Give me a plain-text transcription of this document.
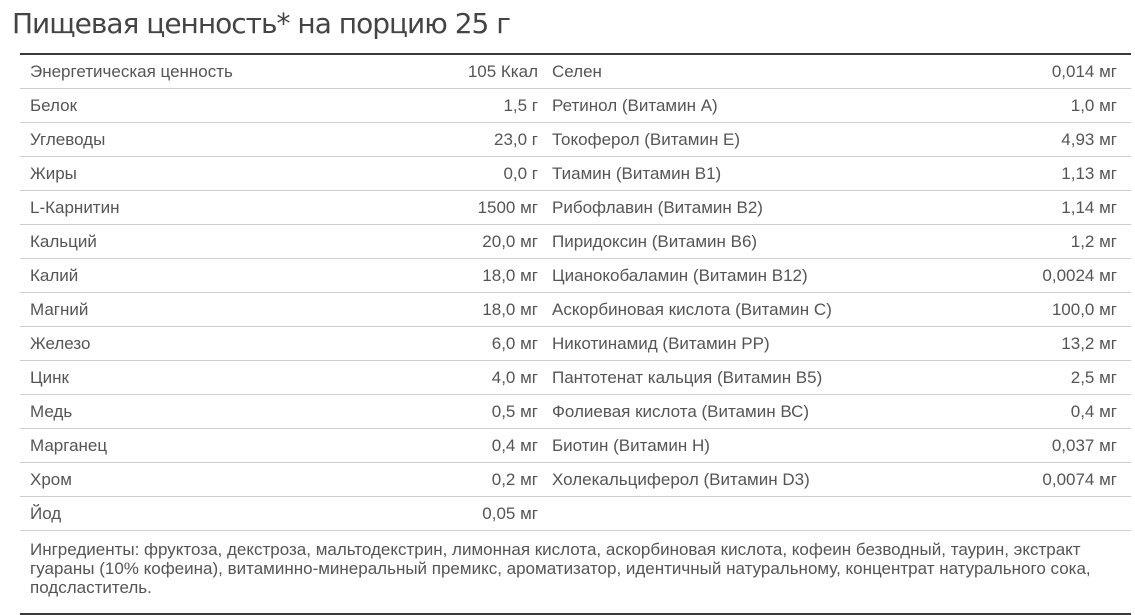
Пищевая ценность* на порцию 25 г
Энергетическая ценность	105 Ккал	Селен	0,014 мг
Белок	1,5 г	Ретинол (Витамин А)	1,0 мг
Углеводы	23,0 г	Токоферол (Витамин Е)	4,93 мг
Жиры	0,0 г	Тиамин (Витамин В1)	1,13 мг
L-Карнитин	1500 мг	Рибофлавин (Витамин В2)	1,14 мг
Кальций	20,0 мг	Пиридоксин (Витамин В6)	1,2 мг
Калий	18,0 мг	Цианокобаламин (Витамин В12)	0,0024 мг
Магний	18,0 мг	Аскорбиновая кислота (Витамин С)	100,0 мг
Железо	6,0 мг	Никотинамид (Витамин РР)	13,2 мг
Цинк	4,0 мг	Пантотенат кальция (Витамин В5)	2,5 мг
Медь	0,5 мг	Фолиевая кислота (Витамин ВС)	0,4 мг
Марганец	0,4 мг	Биотин (Витамин Н)	0,037 мг
Хром	0,2 мг	Холекальциферол (Витамин D3)	0,0074 мг
Йод	0,05 мг		
Ингредиенты: фруктоза, декстроза, мальтодекстрин, лимонная кислота, аскорбиновая кислота, кофеин безводный, таурин, экстракт гуараны (10% кофеина), витаминно-минеральный премикс, ароматизатор, идентичный натуральному, концентрат натурального сока, подсластитель.
